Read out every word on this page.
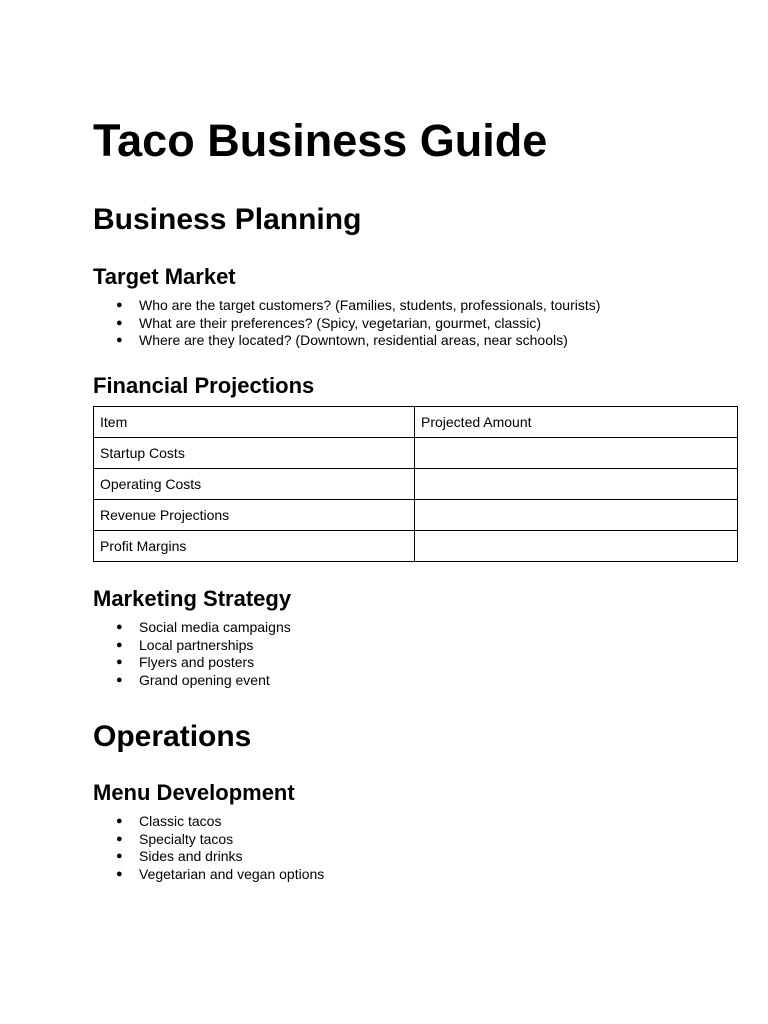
Taco Business Guide
Business Planning
Target Market
● Who are the target customers? (Families, students, professionals, tourists)
● What are their preferences? (Spicy, vegetarian, gourmet, classic)
● Where are they located? (Downtown, residential areas, near schools)
Financial Projections
Item	Projected Amount
Startup Costs	
Operating Costs	
Revenue Projections	
Profit Margins	
Marketing Strategy
● Social media campaigns
● Local partnerships
● Flyers and posters
● Grand opening event
Operations
Menu Development
● Classic tacos
● Specialty tacos
● Sides and drinks
● Vegetarian and vegan options
